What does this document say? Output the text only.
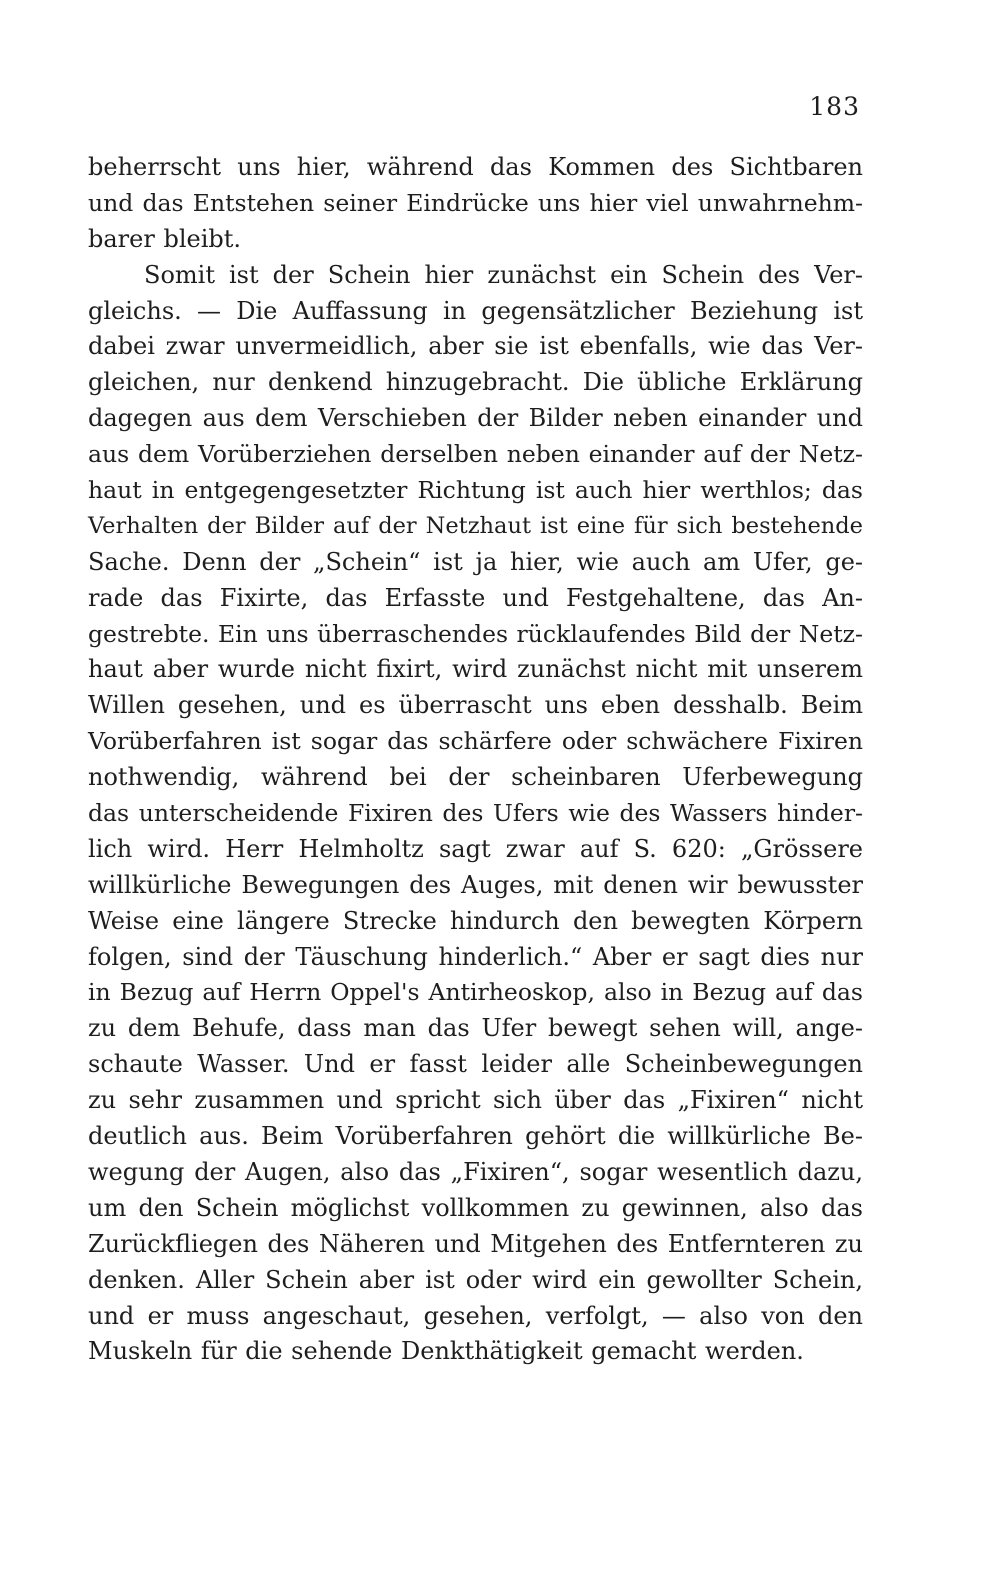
183
beherrscht uns hier, während das Kommen des Sichtbaren
und das Entstehen seiner Eindrücke uns hier viel unwahrnehm-
barer bleibt.
Somit ist der Schein hier zunächst ein Schein des Ver-
gleichs. — Die Auffassung in gegensätzlicher Beziehung ist
dabei zwar unvermeidlich, aber sie ist ebenfalls, wie das Ver-
gleichen, nur denkend hinzugebracht. Die übliche Erklärung
dagegen aus dem Verschieben der Bilder neben einander und
aus dem Vorüberziehen derselben neben einander auf der Netz-
haut in entgegengesetzter Richtung ist auch hier werthlos; das
Verhalten der Bilder auf der Netzhaut ist eine für sich bestehende
Sache. Denn der „Schein“ ist ja hier, wie auch am Ufer, ge-
rade das Fixirte, das Erfasste und Festgehaltene, das An-
gestrebte. Ein uns überraschendes rücklaufendes Bild der Netz-
haut aber wurde nicht fixirt, wird zunächst nicht mit unserem
Willen gesehen, und es überrascht uns eben desshalb. Beim
Vorüberfahren ist sogar das schärfere oder schwächere Fixiren
nothwendig, während bei der scheinbaren Uferbewegung
das unterscheidende Fixiren des Ufers wie des Wassers hinder-
lich wird. Herr Helmholtz sagt zwar auf S. 620: „Grössere
willkürliche Bewegungen des Auges, mit denen wir bewusster
Weise eine längere Strecke hindurch den bewegten Körpern
folgen, sind der Täuschung hinderlich.“ Aber er sagt dies nur
in Bezug auf Herrn Oppel's Antirheoskop, also in Bezug auf das
zu dem Behufe, dass man das Ufer bewegt sehen will, ange-
schaute Wasser. Und er fasst leider alle Scheinbewegungen
zu sehr zusammen und spricht sich über das „Fixiren“ nicht
deutlich aus. Beim Vorüberfahren gehört die willkürliche Be-
wegung der Augen, also das „Fixiren“, sogar wesentlich dazu,
um den Schein möglichst vollkommen zu gewinnen, also das
Zurückfliegen des Näheren und Mitgehen des Entfernteren zu
denken. Aller Schein aber ist oder wird ein gewollter Schein,
und er muss angeschaut, gesehen, verfolgt, — also von den
Muskeln für die sehende Denkthätigkeit gemacht werden.
